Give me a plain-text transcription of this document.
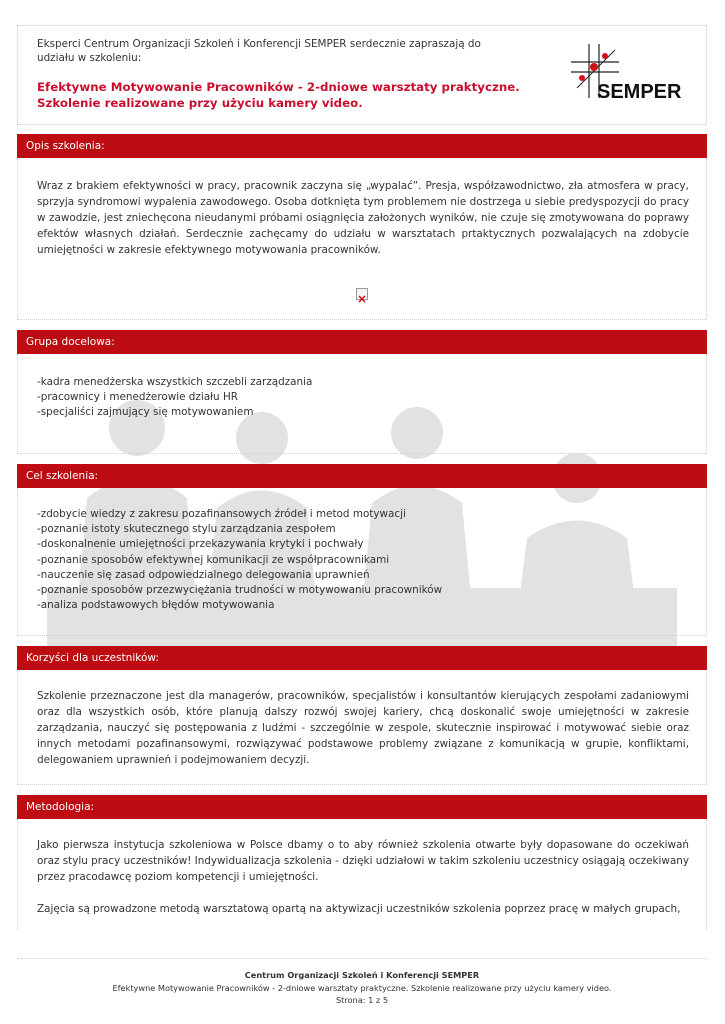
Eksperci Centrum Organizacji Szkoleń i Konferencji SEMPER serdecznie zapraszają do udziału w szkoleniu:
Efektywne Motywowanie Pracowników - 2-dniowe warsztaty praktyczne.
Szkolenie realizowane przy użyciu kamery video.	SEMPER
Opis szkolenia:
Wraz z brakiem efektywności w pracy, pracownik zaczyna się „wypalać”. Presja, współzawodnictwo, zła atmosfera w pracy, sprzyja syndromowi wypalenia zawodowego. Osoba dotknięta tym problemem nie dostrzega u siebie predyspozycji do pracy w zawodzie, jest zniechęcona nieudanymi próbami osiągnięcia założonych wyników, nie czuje się zmotywowana do poprawy efektów własnych działań. Serdecznie zachęcamy do udziału w warsztatach prtaktycznych pozwalających na zdobycie umiejętności w zakresie efektywnego motywowania pracowników.
Grupa docelowa:
-kadra menedżerska wszystkich szczebli zarządzania
-pracownicy i menedżerowie działu HR
-specjaliści zajmujący się motywowaniem
Cel szkolenia:
-zdobycie wiedzy z zakresu pozafinansowych źródeł i metod motywacji
-poznanie istoty skutecznego stylu zarządzania zespołem
-doskonalnenie umiejętności przekazywania krytyki i pochwały
-poznanie sposobów efektywnej komunikacji ze współpracownikami
-nauczenie się zasad odpowiedzialnego delegowania uprawnień
-poznanie sposobów przezwyciężania trudności w motywowaniu pracowników
-analiza podstawowych błędów motywowania
Korzyści dla uczestników:
Szkolenie przeznaczone jest dla managerów, pracowników, specjalistów i konsultantów kierujących zespołami zadaniowymi oraz dla wszystkich osób, które planują dalszy rozwój swojej kariery, chcą doskonalić swoje umiejętności w zakresie zarządzania, nauczyć się postępowania z ludźmi - szczególnie w zespole, skutecznie inspirować i motywować siebie oraz innych metodami pozafinansowymi, rozwiązywać podstawowe problemy związane z komunikacją w grupie, konfliktami, delegowaniem uprawnień i podejmowaniem decyzji.
Metodologia:
Jako pierwsza instytucja szkoleniowa w Polsce dbamy o to aby również szkolenia otwarte były dopasowane do oczekiwań oraz stylu pracy uczestników! Indywidualizacja szkolenia - dzięki udziałowi w takim szkoleniu uczestnicy osiągają oczekiwany przez pracodawcę poziom kompetencji i umiejętności.
Zajęcia są prowadzone metodą warsztatową opartą na aktywizacji uczestników szkolenia poprzez pracę w małych grupach,
Centrum Organizacji Szkoleń i Konferencji SEMPER
Efektywne Motywowanie Pracowników - 2-dniowe warsztaty praktyczne. Szkolenie realizowane przy użyciu kamery video.
Strona: 1 z 5
